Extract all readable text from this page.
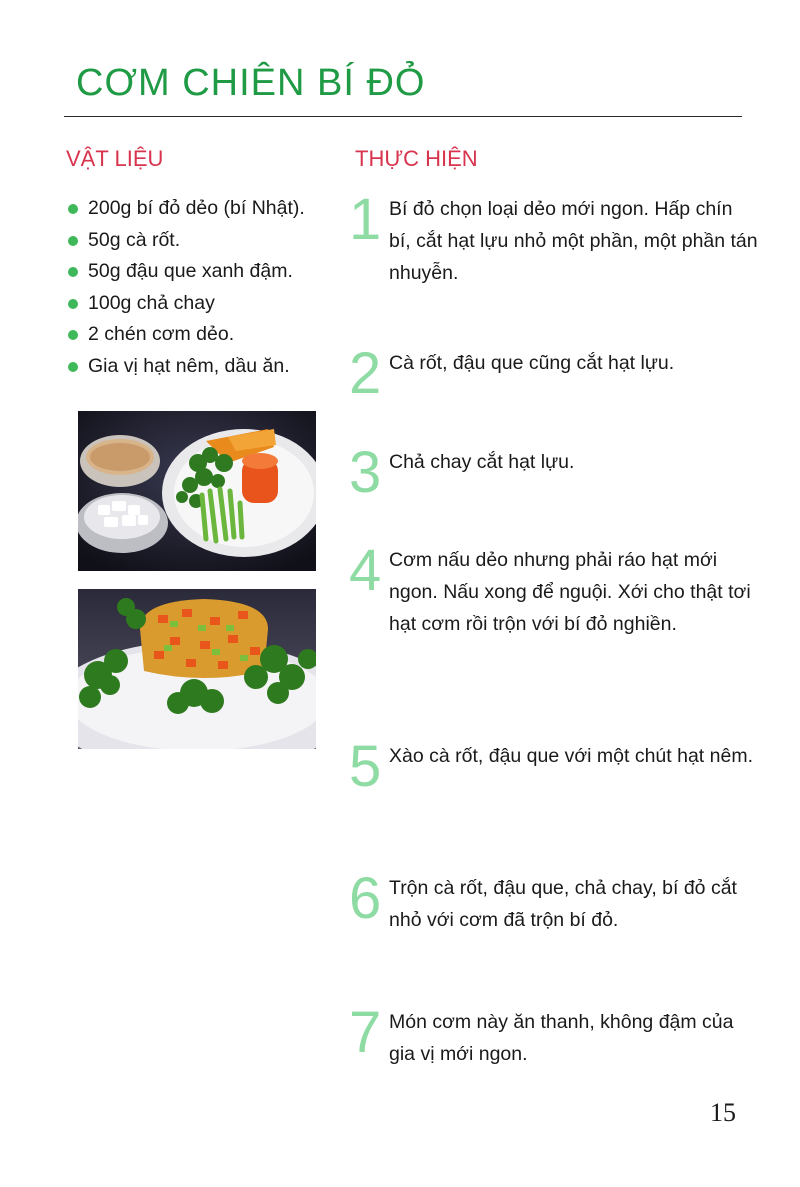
CƠM CHIÊN BÍ ĐỎ
VẬT LIỆU	THỰC HIỆN
200g bí đỏ dẻo (bí Nhật).
50g cà rốt.
50g đậu que xanh đậm.
100g chả chay
2 chén cơm dẻo.
Gia vị hạt nêm, dầu ăn.
1 Bí đỏ chọn loại dẻo mới ngon. Hấp chín bí, cắt hạt lựu nhỏ một phần, một phần tán nhuyễn.
2 Cà rốt, đậu que cũng cắt hạt lựu.
3 Chả chay cắt hạt lựu.
4 Cơm nấu dẻo nhưng phải ráo hạt mới ngon. Nấu xong để nguội. Xới cho thật tơi hạt cơm rồi trộn với bí đỏ nghiền.
5 Xào cà rốt, đậu que với một chút hạt nêm.
6 Trộn cà rốt, đậu que, chả chay, bí đỏ cắt nhỏ với cơm đã trộn bí đỏ.
7 Món cơm này ăn thanh, không đậm của gia vị mới ngon.
15
